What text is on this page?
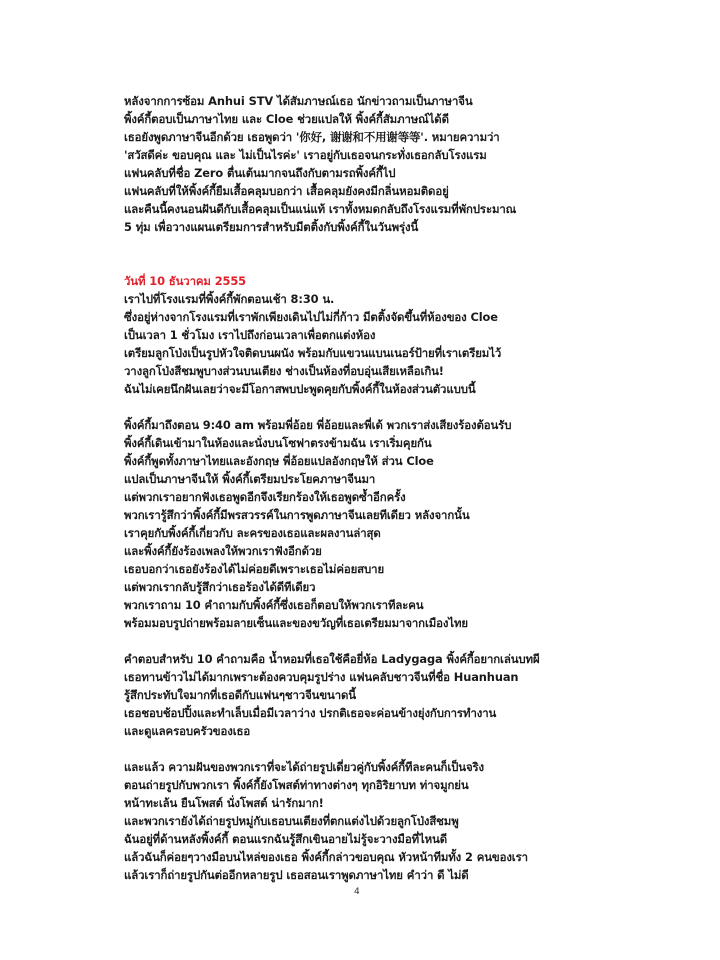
หลังจากการซ้อม Anhui STV ได้สัมภาษณ์เธอ นักข่าวถามเป็นภาษาจีน
พิ้งค์กี้ตอบเป็นภาษาไทย และ Cloe ช่วยแปลให้ พิ้งค์กี้สัมภาษณ์ได้ดี
เธอยังพูดภาษาจีนอีกด้วย เธอพูดว่า '你好, 谢谢和不用谢等等'. หมายความว่า
'สวัสดีค่ะ ขอบคุณ และ ไม่เป็นไรค่ะ' เราอยู่กับเธอจนกระทั่งเธอกลับโรงแรม
แฟนคลับที่ชื่อ Zero ตื่นเต้นมากจนถึงกับตามรถพิ้งค์กี้ไป
แฟนคลับที่ให้พิ้งค์กี้ยืมเสื้อคลุมบอกว่า เสื้อคลุมยังคงมีกลิ่นหอมติดอยู่
และคืนนี้คงนอนฝันดีกับเสื้อคลุมเป็นแน่แท้ เราทั้งหมดกลับถึงโรงแรมที่พักประมาณ
5 ทุ่ม เพื่อวางแผนเตรียมการสำหรับมีตติ้งกับพิ้งค์กี้ในวันพรุ่งนี้
วันที่ 10 ธันวาคม 2555
เราไปที่โรงแรมที่พิ้งค์กี้พักตอนเช้า 8:30 น.
ซึ่งอยู่ห่างจากโรงแรมที่เราพักเพียงเดินไปไม่กี่ก้าว มีตติ้งจัดขึ้นที่ห้องของ Cloe
เป็นเวลา 1 ชั่วโมง เราไปถึงก่อนเวลาเพื่อตกแต่งห้อง
เตรียมลูกโป่งเป็นรูปหัวใจติดบนผนัง พร้อมกับแขวนแบนเนอร์ป้ายที่เราเตรียมไว้
วางลูกโป่งสีชมพูบางส่วนบนเตียง ช่างเป็นห้องที่อบอุ่นเสียเหลือเกิน!
ฉันไม่เคยนึกฝันเลยว่าจะมีโอกาสพบปะพูดคุยกับพิ้งค์กี้ในห้องส่วนตัวแบบนี้
พิ้งค์กี้มาถึงตอน 9:40 am พร้อมพี่อ้อย พี่อ้อยและพี่เด้ พวกเราส่งเสียงร้องต้อนรับ
พิ้งค์กี้เดินเข้ามาในห้องและนั่งบนโซฟาตรงข้ามฉัน เราเริ่มคุยกัน
พิ้งค์กี้พูดทั้งภาษาไทยและอังกฤษ พี่อ้อยแปลอังกฤษให้ ส่วน Cloe
แปลเป็นภาษาจีนให้ พิ้งค์กี้เตรียมประโยคภาษาจีนมา
แต่พวกเราอยากฟังเธอพูดอีกจึงเรียกร้องให้เธอพูดซ้ำอีกครั้ง
พวกเรารู้สึกว่าพิ้งค์กี้มีพรสวรรค์ในการพูดภาษาจีนเลยทีเดียว หลังจากนั้น
เราคุยกับพิ้งค์กี้เกี่ยวกับ ละครของเธอและผลงานล่าสุด
และพิ้งค์กี้ยังร้องเพลงให้พวกเราฟังอีกด้วย
เธอบอกว่าเธอยังร้องได้ไม่ค่อยดีเพราะเธอไม่ค่อยสบาย
แต่พวกเรากลับรู้สึกว่าเธอร้องได้ดีทีเดียว
พวกเราถาม 10 คำถามกับพิ้งค์กี้ซึ่งเธอก็ตอบให้พวกเราทีละคน
พร้อมมอบรูปถ่ายพร้อมลายเซ็นและของขวัญที่เธอเตรียมมาจากเมืองไทย
คำตอบสำหรับ 10 คำถามคือ น้ำหอมที่เธอใช้คือยี่ห้อ Ladygaga พิ้งค์กี้อยากเล่นบทผี
เธอทานข้าวไม่ได้มากเพราะต้องควบคุมรูปร่าง แฟนคลับชาวจีนที่ชื่อ Huanhuan
รู้สึกประทับใจมากที่เธอดีกับแฟนๆชาวจีนขนาดนี้
เธอชอบช้อปปิ้งและทำเล็บเมื่อมีเวลาว่าง ปรกติเธอจะค่อนข้างยุ่งกับการทำงาน
และดูแลครอบครัวของเธอ
และแล้ว ความฝันของพวกเราที่จะได้ถ่ายรูปเดี่ยวคู่กับพิ้งค์กี้ทีละคนก็เป็นจริง
ตอนถ่ายรูปกับพวกเรา พิ้งค์กี้ยังโพสต์ท่าทางต่างๆ ทุกอิริยาบท ท่าจมูกย่น
หน้าทะเล้น ยืนโพสต์ นั่งโพสต์ น่ารักมาก!
และพวกเรายังได้ถ่ายรูปหมู่กับเธอบนเตียงที่ตกแต่งไปด้วยลูกโป่งสีชมพู
ฉันอยู่ที่ด้านหลังพิ้งค์กี้ ตอนแรกฉันรู้สึกเขินอายไม่รู้จะวางมือที่ไหนดี
แล้วฉันก็ค่อยๆวางมือบนไหล่ของเธอ พิ้งค์กี้กล่าวขอบคุณ หัวหน้าทีมทั้ง 2 คนของเรา
แล้วเราก็ถ่ายรูปกันต่ออีกหลายรูป เธอสอนเราพูดภาษาไทย คำว่า ดี ไม่ดี
4
